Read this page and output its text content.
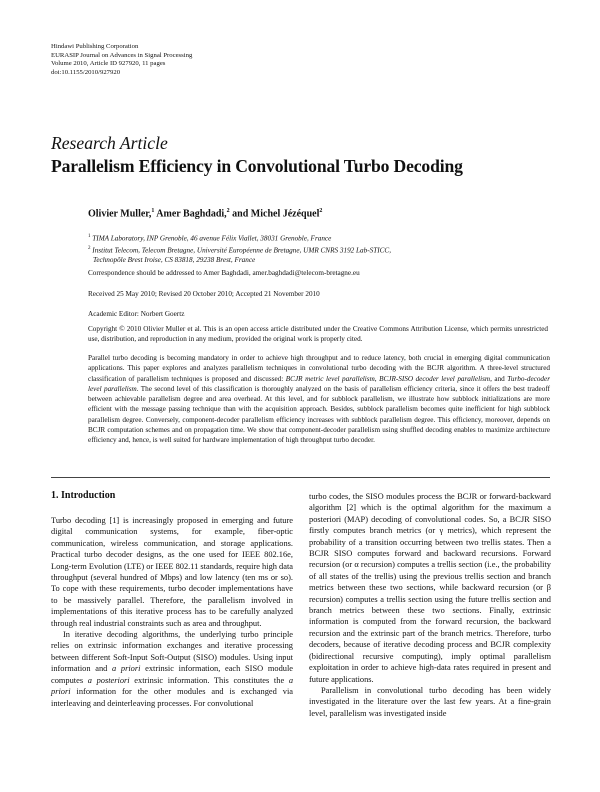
Hindawi Publishing Corporation
EURASIP Journal on Advances in Signal Processing
Volume 2010, Article ID 927920, 11 pages
doi:10.1155/2010/927920
Research Article
Parallelism Efficiency in Convolutional Turbo Decoding
Olivier Muller,$^1$ Amer Baghdadi,$^2$ and Michel Jézéquel$^2$
$^1$ TIMA Laboratory, INP Grenoble, 46 avenue Félix Viallet, 38031 Grenoble, France
$^2$ Institut Telecom, Telecom Bretagne, Université Européenne de Bretagne, UMR CNRS 3192 Lab-STICC,
Technopôle Brest Iroise, CS 83818, 29238 Brest, France
Correspondence should be addressed to Amer Baghdadi, amer.baghdadi@telecom-bretagne.eu
Received 25 May 2010; Revised 20 October 2010; Accepted 21 November 2010
Academic Editor: Norbert Goertz
Copyright © 2010 Olivier Muller et al. This is an open access article distributed under the Creative Commons Attribution License, which permits unrestricted use, distribution, and reproduction in any medium, provided the original work is properly cited.
Parallel turbo decoding is becoming mandatory in order to achieve high throughput and to reduce latency, both crucial in emerging digital communication applications. This paper explores and analyzes parallelism techniques in convolutional turbo decoding with the BCJR algorithm. A three-level structured classification of parallelism techniques is proposed and discussed: BCJR metric level parallelism, BCJR-SISO decoder level parallelism, and Turbo-decoder level parallelism. The second level of this classification is thoroughly analyzed on the basis of parallelism efficiency criteria, since it offers the best tradeoff between achievable parallelism degree and area overhead. At this level, and for subblock parallelism, we illustrate how subblock initializations are more efficient with the message passing technique than with the acquisition approach. Besides, subblock parallelism becomes quite inefficient for high subblock parallelism degree. Conversely, component-decoder parallelism efficiency increases with subblock parallelism degree. This efficiency, moreover, depends on BCJR computation schemes and on propagation time. We show that component-decoder parallelism using shuffled decoding enables to maximize architecture efficiency and, hence, is well suited for hardware implementation of high throughput turbo decoder.
1. Introduction

Turbo decoding [1] is increasingly proposed in emerging and future digital communication systems, for example, fiber-optic communication, wireless communication, and storage applications. Practical turbo decoder designs, as the one used for IEEE 802.16e, Long-term Evolution (LTE) or IEEE 802.11 standards, require high data throughput (several hundred of Mbps) and low latency (ten ms or so). To cope with these requirements, turbo decoder implementations have to be massively parallel. Therefore, the parallelism involved in implementations of this iterative process has to be carefully analyzed through real industrial constraints such as area and throughput.

In iterative decoding algorithms, the underlying turbo principle relies on extrinsic information exchanges and iterative processing between different Soft-Input Soft-Output (SISO) modules. Using input information and a priori extrinsic information, each SISO module computes a posteriori extrinsic information. This constitutes the a priori information for the other modules and is exchanged via interleaving and deinterleaving processes. For convolutional

turbo codes, the SISO modules process the BCJR or forward-backward algorithm [2] which is the optimal algorithm for the maximum a posteriori (MAP) decoding of convolutional codes. So, a BCJR SISO firstly computes branch metrics (or γ metrics), which represent the probability of a transition occurring between two trellis states. Then a BCJR SISO computes forward and backward recursions. Forward recursion (or α recursion) computes a trellis section (i.e., the probability of all states of the trellis) using the previous trellis section and branch metrics between these two sections, while backward recursion (or β recursion) computes a trellis section using the future trellis section and branch metrics between these two sections. Finally, extrinsic information is computed from the forward recursion, the backward recursion and the extrinsic part of the branch metrics. Therefore, turbo decoders, because of iterative decoding process and BCJR complexity (bidirectional recursive computing), imply optimal parallelism exploitation in order to achieve high-data rates required in present and future applications.

Parallelism in convolutional turbo decoding has been widely investigated in the literature over the last few years. At a fine-grain level, parallelism was investigated inside
